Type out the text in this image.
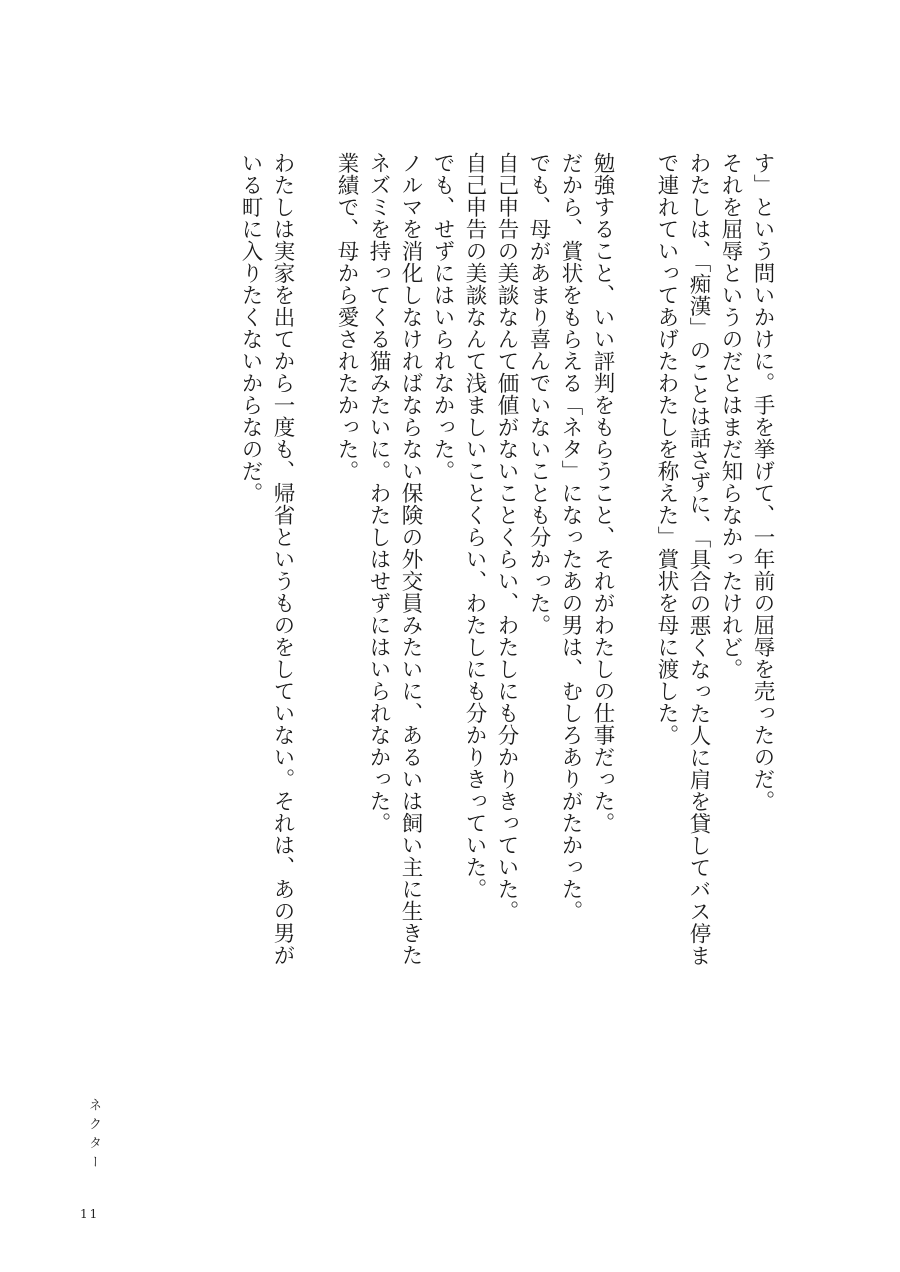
す」という問いかけに。手を挙げて、一年前の屈辱を売ったのだ。
それを屈辱というのだとはまだ知らなかったけれど。
わたしは、「痴漢」のことは話さずに、「具合の悪くなった人に肩を貸してバス停ま
で連れていってあげたわたしを称えた」賞状を母に渡した。
勉強すること、いい評判をもらうこと、それがわたしの仕事だった。
だから、賞状をもらえる「ネタ」になったあの男は、むしろありがたかった。
でも、母があまり喜んでいないことも分かった。
自己申告の美談なんて価値がないことくらい、わたしにも分かりきっていた。
自己申告の美談なんて浅ましいことくらい、わたしにも分かりきっていた。
でも、せずにはいられなかった。
ノルマを消化しなければならない保険の外交員みたいに、あるいは飼い主に生きた
ネズミを持ってくる猫みたいに。わたしはせずにはいられなかった。
業績で、母から愛されたかった。
わたしは実家を出てから一度も、帰省というものをしていない。それは、あの男が
いる町に入りたくないからなのだ。
ネクター
11
